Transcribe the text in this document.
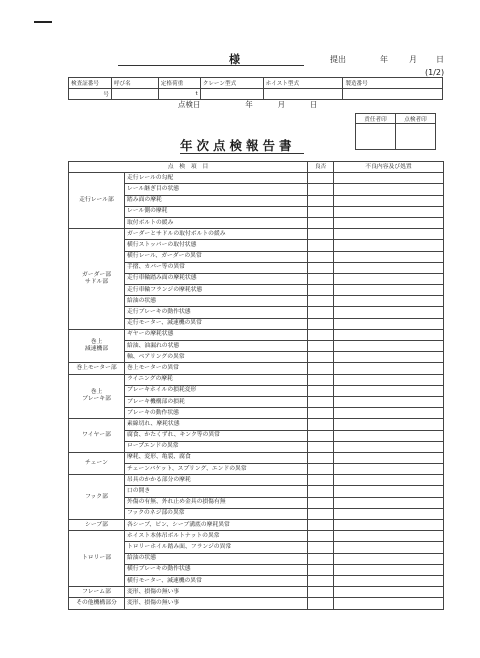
様	提出	年	月 日
(1/2)
検査証番号	呼び名	定格荷重	クレーン型式	ホイスト型式	製造番号
号		t			
点検日	年	月	日
責任者印	点検者印

年次点検報告書
点　検　項　目		良否	不良内容及び処置

走行レール部	走行レールの勾配		
	レール継ぎ目の状態		
	踏み面の摩耗		
	レール側の摩耗		
	取付ボルトの緩み		

ガーダー部
サドル部	ガーダーとサドルの取付ボルトの緩み		
	横行ストッパーの取付状態		
	横行レール、ガーダーの異常		
	手摺、カバー等の異常		
	走行車輪踏み面の摩耗状態		
	走行車輪フランジの摩耗状態		
	給油の状態		
	走行ブレーキの動作状態		
	走行モーター、減速機の異常		

巻上
減速機部	ギヤーの摩耗状態		
	給油、油漏れの状態		
	軸、ベアリングの異常		

巻上モーター部	巻上モーターの異常		

巻上
ブレーキ部	ライニングの摩耗		
	ブレーキホイルの損耗変形		
	ブレーキ機構部の損耗		
	ブレーキの動作状態		

ワイヤー部	素線切れ、摩耗状態		
	腐食、かたくずれ、キンク等の異常		
	ロープエンドの異常		

チェーン	摩耗、変形、亀裂、腐食		
	チェーンバケット、スプリング、エンドの異常		

フック部	吊具のかかる部分の摩耗		
	口の開き		
	外傷の有無、外れ止め金具の損傷有無		
	フックのネジ部の異常		

シーブ部	各シーブ、ピン、シーブ溝底の摩耗異常		

トロリー部	ホイスト本体吊ボルトナットの異常		
	トロリーホイル踏み面、フランジの異常		
	給油の状態		
	横行ブレーキの動作状態		
	横行モーター、減速機の異常		

フレーム部	変形、損傷の無い事		

その他機構部分	変形、損傷の無い事		
